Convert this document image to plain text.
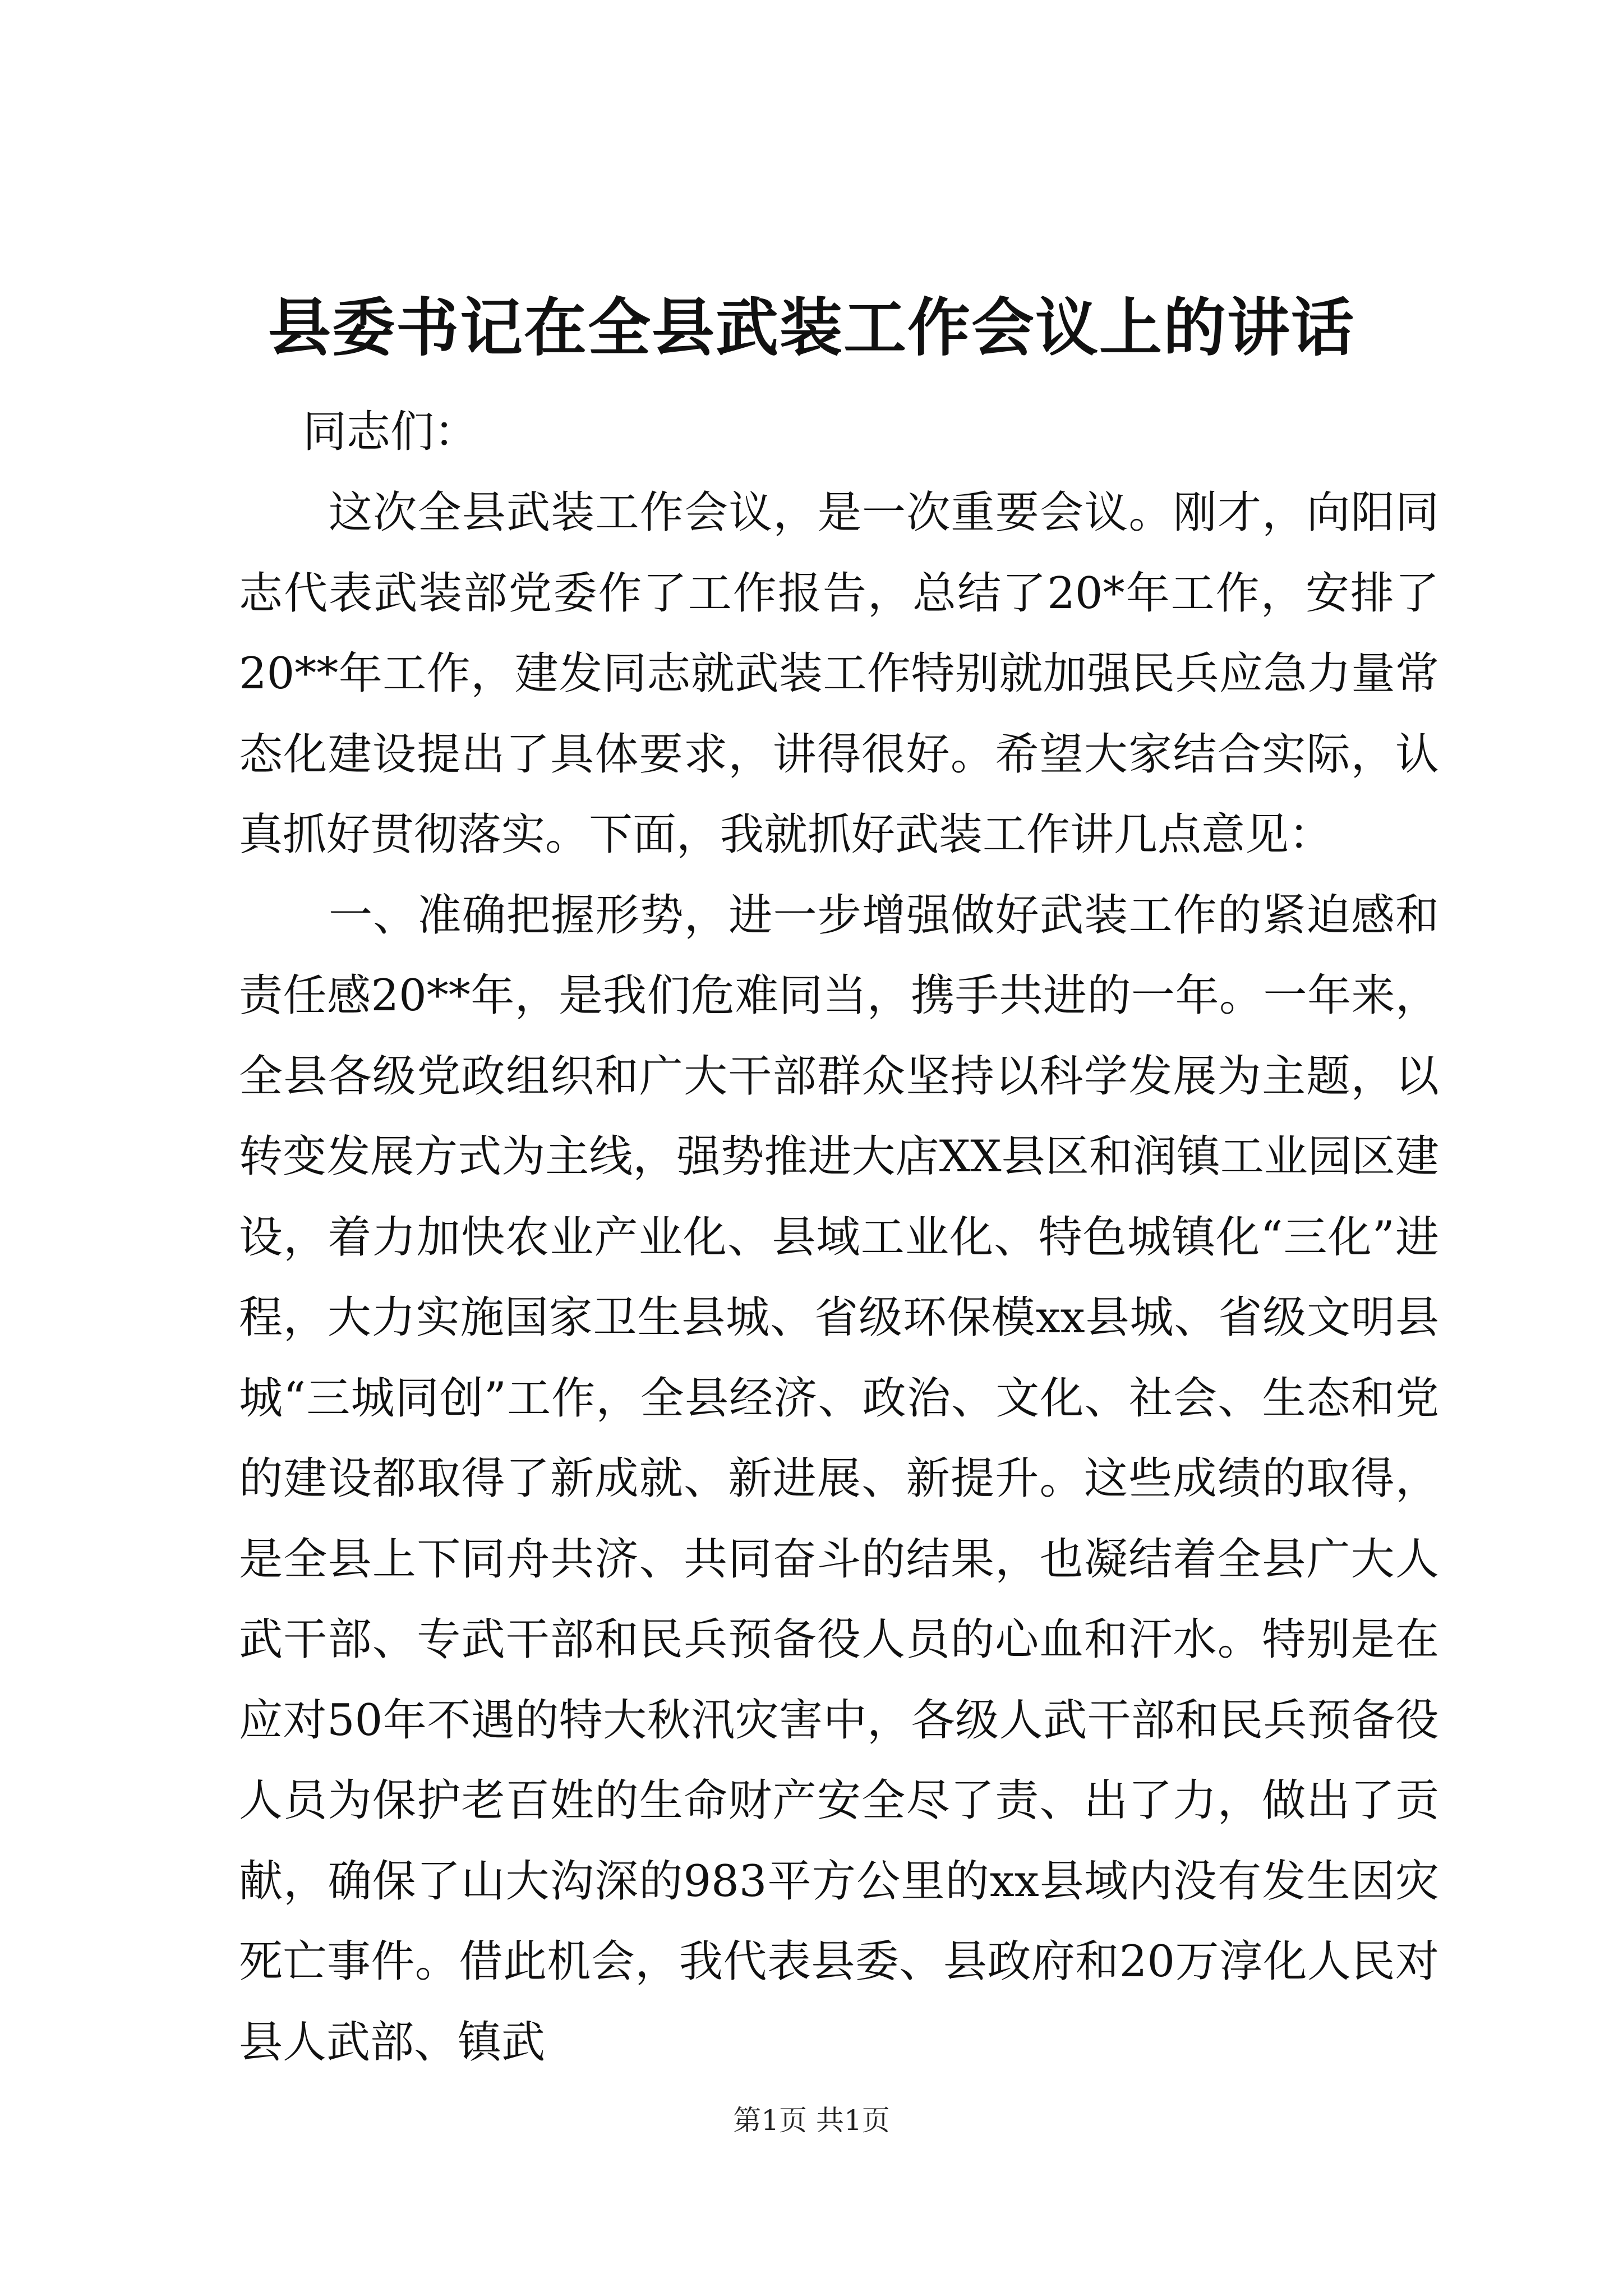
县委书记在全县武装工作会议上的讲话

同志们：

这次全县武装工作会议，是一次重要会议。刚才，向阳同志代表武装部党委作了工作报告，总结了20*年工作，安排了20**年工作，建发同志就武装工作特别就加强民兵应急力量常态化建设提出了具体要求，讲得很好。希望大家结合实际，认真抓好贯彻落实。下面，我就抓好武装工作讲几点意见：

一、准确把握形势，进一步增强做好武装工作的紧迫感和责任感20**年，是我们危难同当，携手共进的一年。一年来，全县各级党政组织和广大干部群众坚持以科学发展为主题，以转变发展方式为主线，强势推进大店XX县区和润镇工业园区建设，着力加快农业产业化、县域工业化、特色城镇化“三化”进程，大力实施国家卫生县城、省级环保模xx县城、省级文明县城“三城同创”工作，全县经济、政治、文化、社会、生态和党的建设都取得了新成就、新进展、新提升。这些成绩的取得，是全县上下同舟共济、共同奋斗的结果，也凝结着全县广大人武干部、专武干部和民兵预备役人员的心血和汗水。特别是在应对50年不遇的特大秋汛灾害中，各级人武干部和民兵预备役人员为保护老百姓的生命财产安全尽了责、出了力，做出了贡献，确保了山大沟深的983平方公里的xx县域内没有发生因灾死亡事件。借此机会，我代表县委、县政府和20万淳化人民对县人武部、镇武

第1页 共1页
